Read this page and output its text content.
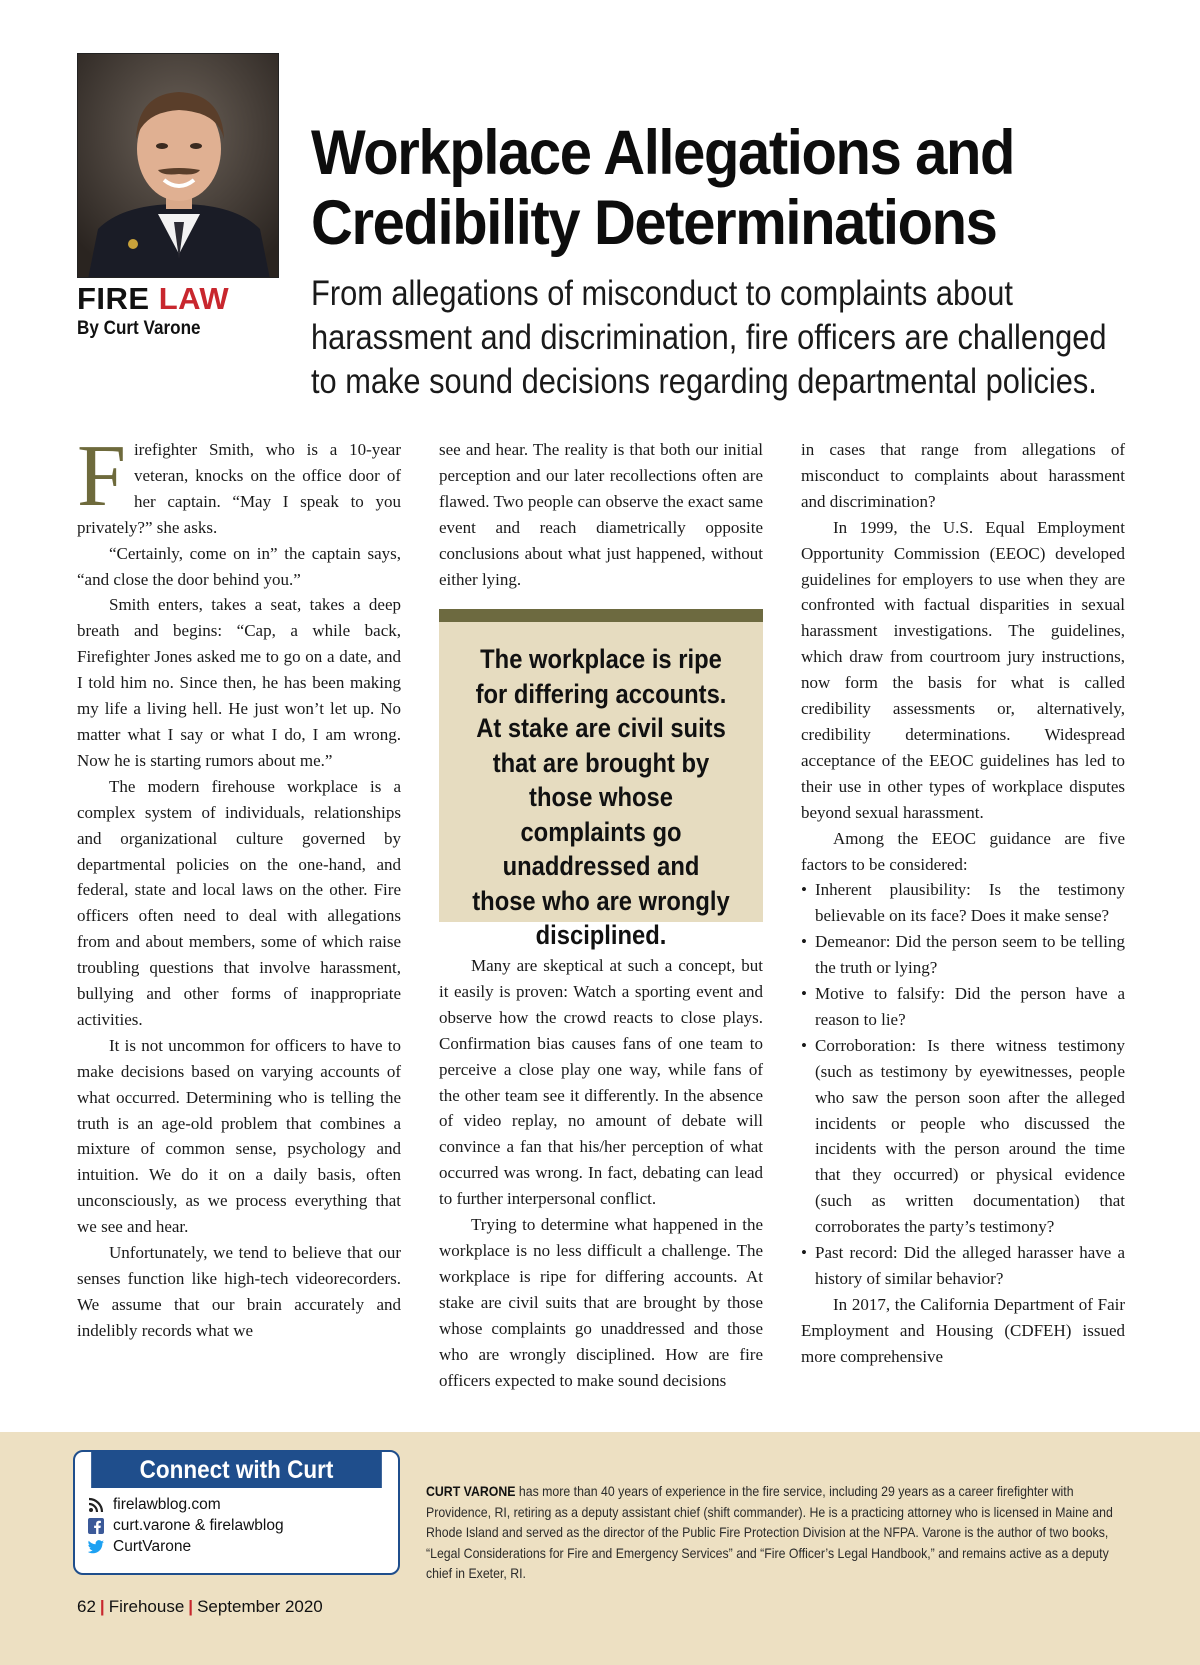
FIRE LAW
By Curt Varone
Workplace Allegations and
Credibility Determinations
From allegations of misconduct to complaints about harassment and discrimination, fire officers are challenged to make sound decisions regarding departmental policies.

Firefighter Smith, who is a 10-year veteran, knocks on the office door of her captain. “May I speak to you privately?” she asks.

“Certainly, come on in” the captain says, “and close the door behind you.”

Smith enters, takes a seat, takes a deep breath and begins: “Cap, a while back, Firefighter Jones asked me to go on a date, and I told him no. Since then, he has been making my life a living hell. He just won’t let up. No matter what I say or what I do, I am wrong. Now he is starting rumors about me.”

The modern firehouse workplace is a complex system of individuals, relationships and organizational culture governed by departmental policies on the one-hand, and federal, state and local laws on the other. Fire officers often need to deal with allegations from and about members, some of which raise troubling questions that involve harassment, bullying and other forms of inappropriate activities.

It is not uncommon for officers to have to make decisions based on varying accounts of what occurred. Determining who is telling the truth is an age-old problem that combines a mixture of common sense, psychology and intuition. We do it on a daily basis, often unconsciously, as we process everything that we see and hear.

Unfortunately, we tend to believe that our senses function like high-tech videorecorders. We assume that our brain accurately and indelibly records what we

see and hear. The reality is that both our initial perception and our later recollections often are flawed. Two people can observe the exact same event and reach diametrically opposite conclusions about what just happened, without either lying.

The workplace is ripe for differing accounts. At stake are civil suits that are brought by those whose complaints go unaddressed and those who are wrongly disciplined.

Many are skeptical at such a concept, but it easily is proven: Watch a sporting event and observe how the crowd reacts to close plays. Confirmation bias causes fans of one team to perceive a close play one way, while fans of the other team see it differently. In the absence of video replay, no amount of debate will convince a fan that his/her perception of what occurred was wrong. In fact, debating can lead to further interpersonal conflict.

Trying to determine what happened in the workplace is no less difficult a challenge. The workplace is ripe for differing accounts. At stake are civil suits that are brought by those whose complaints go unaddressed and those who are wrongly disciplined. How are fire officers expected to make sound decisions

in cases that range from allegations of misconduct to complaints about harassment and discrimination?

In 1999, the U.S. Equal Employment Opportunity Commission (EEOC) developed guidelines for employers to use when they are confronted with factual disparities in sexual harassment investigations. The guidelines, which draw from courtroom jury instructions, now form the basis for what is called credibility assessments or, alternatively, credibility determinations. Widespread acceptance of the EEOC guidelines has led to their use in other types of workplace disputes beyond sexual harassment.

Among the EEOC guidance are five factors to be considered:

• Inherent plausibility: Is the testimony believable on its face? Does it make sense?
• Demeanor: Did the person seem to be telling the truth or lying?
• Motive to falsify: Did the person have a reason to lie?
• Corroboration: Is there witness testimony (such as testimony by eyewitnesses, people who saw the person soon after the alleged incidents or people who discussed the incidents with the person around the time that they occurred) or physical evidence (such as written documentation) that corroborates the party’s testimony?
• Past record: Did the alleged harasser have a history of similar behavior?

In 2017, the California Department of Fair Employment and Housing (CDFEH) issued more comprehensive

Connect with Curt
firelawblog.com
curt.varone & firelawblog
CurtVarone
CURT VARONE has more than 40 years of experience in the fire service, including 29 years as a career firefighter with Providence, RI, retiring as a deputy assistant chief (shift commander). He is a practicing attorney who is licensed in Maine and Rhode Island and served as the director of the Public Fire Protection Division at the NFPA. Varone is the author of two books, “Legal Considerations for Fire and Emergency Services” and “Fire Officer’s Legal Handbook,” and remains active as a deputy chief in Exeter, RI.
62 | Firehouse | September 2020
